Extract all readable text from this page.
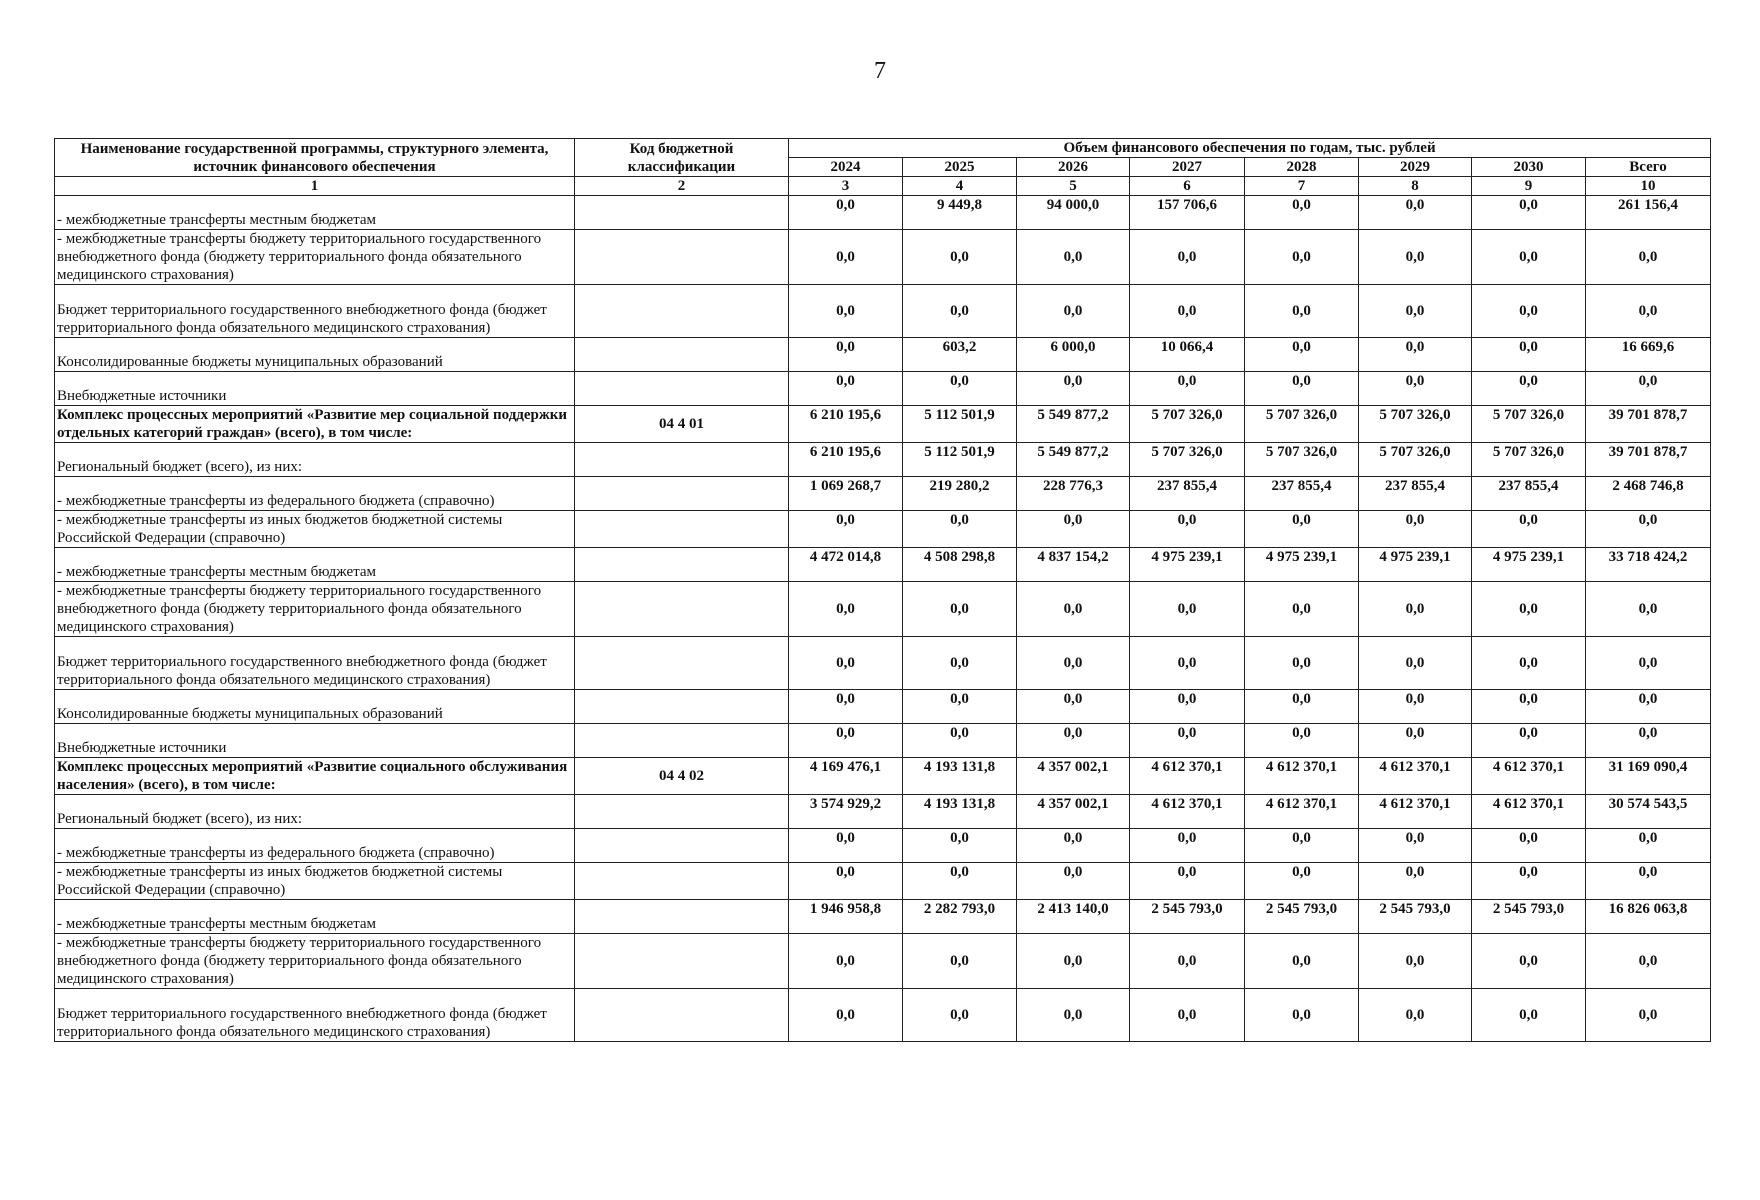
7
Наименование государственной программы, структурного элемента, источник финансового обеспечения	Код бюджетной классификации	Объем финансового обеспечения по годам, тыс. рублей							
		2024	2025	2026	2027	2028	2029	2030	Всего
1	2	3	4	5	6	7	8	9	10
- межбюджетные трансферты местным бюджетам		0,0	9 449,8	94 000,0	157 706,6	0,0	0,0	0,0	261 156,4
- межбюджетные трансферты бюджету территориального государственного внебюджетного фонда (бюджету территориального фонда обязательного медицинского страхования)		0,0	0,0	0,0	0,0	0,0	0,0	0,0	0,0
Бюджет территориального государственного внебюджетного фонда (бюджет территориального фонда обязательного медицинского страхования)		0,0	0,0	0,0	0,0	0,0	0,0	0,0	0,0
Консолидированные бюджеты муниципальных образований		0,0	603,2	6 000,0	10 066,4	0,0	0,0	0,0	16 669,6
Внебюджетные источники		0,0	0,0	0,0	0,0	0,0	0,0	0,0	0,0
Комплекс процессных мероприятий «Развитие мер социальной поддержки отдельных категорий граждан» (всего), в том числе:	04 4 01	6 210 195,6	5 112 501,9	5 549 877,2	5 707 326,0	5 707 326,0	5 707 326,0	5 707 326,0	39 701 878,7
Региональный бюджет (всего), из них:		6 210 195,6	5 112 501,9	5 549 877,2	5 707 326,0	5 707 326,0	5 707 326,0	5 707 326,0	39 701 878,7
- межбюджетные трансферты из федерального бюджета (справочно)		1 069 268,7	219 280,2	228 776,3	237 855,4	237 855,4	237 855,4	237 855,4	2 468 746,8
- межбюджетные трансферты из иных бюджетов бюджетной системы Российской Федерации (справочно)		0,0	0,0	0,0	0,0	0,0	0,0	0,0	0,0
- межбюджетные трансферты местным бюджетам		4 472 014,8	4 508 298,8	4 837 154,2	4 975 239,1	4 975 239,1	4 975 239,1	4 975 239,1	33 718 424,2
- межбюджетные трансферты бюджету территориального государственного внебюджетного фонда (бюджету территориального фонда обязательного медицинского страхования)		0,0	0,0	0,0	0,0	0,0	0,0	0,0	0,0
Бюджет территориального государственного внебюджетного фонда (бюджет территориального фонда обязательного медицинского страхования)		0,0	0,0	0,0	0,0	0,0	0,0	0,0	0,0
Консолидированные бюджеты муниципальных образований		0,0	0,0	0,0	0,0	0,0	0,0	0,0	0,0
Внебюджетные источники		0,0	0,0	0,0	0,0	0,0	0,0	0,0	0,0
Комплекс процессных мероприятий «Развитие социального обслуживания населения» (всего), в том числе:	04 4 02	4 169 476,1	4 193 131,8	4 357 002,1	4 612 370,1	4 612 370,1	4 612 370,1	4 612 370,1	31 169 090,4
Региональный бюджет (всего), из них:		3 574 929,2	4 193 131,8	4 357 002,1	4 612 370,1	4 612 370,1	4 612 370,1	4 612 370,1	30 574 543,5
- межбюджетные трансферты из федерального бюджета (справочно)		0,0	0,0	0,0	0,0	0,0	0,0	0,0	0,0
- межбюджетные трансферты из иных бюджетов бюджетной системы Российской Федерации (справочно)		0,0	0,0	0,0	0,0	0,0	0,0	0,0	0,0
- межбюджетные трансферты местным бюджетам		1 946 958,8	2 282 793,0	2 413 140,0	2 545 793,0	2 545 793,0	2 545 793,0	2 545 793,0	16 826 063,8
- межбюджетные трансферты бюджету территориального государственного внебюджетного фонда (бюджету территориального фонда обязательного медицинского страхования)		0,0	0,0	0,0	0,0	0,0	0,0	0,0	0,0
Бюджет территориального государственного внебюджетного фонда (бюджет территориального фонда обязательного медицинского страхования)		0,0	0,0	0,0	0,0	0,0	0,0	0,0	0,0
